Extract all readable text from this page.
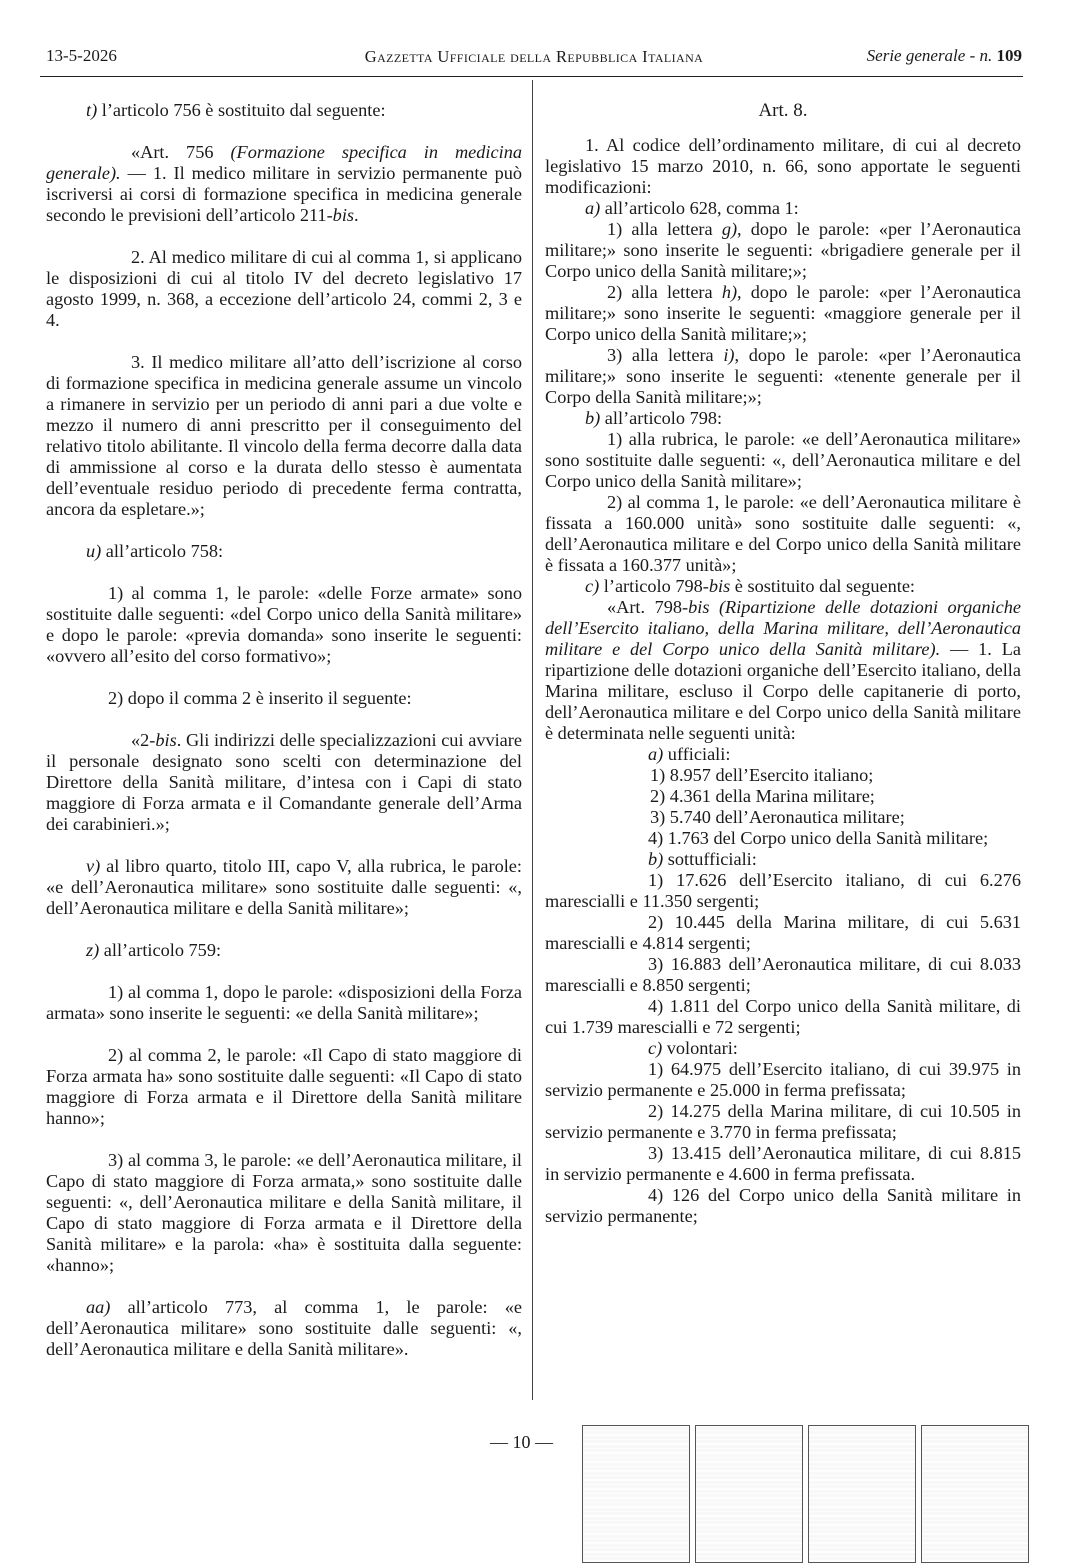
13-5-2026	Gazzetta Ufficiale della Repubblica Italiana	Serie generale - n. 109

t) l’articolo 756 è sostituito dal seguente:

«Art. 756 (Formazione specifica in medicina generale). — 1. Il medico militare in servizio permanente può iscriversi ai corsi di formazione specifica in medicina generale secondo le previsioni dell’articolo 211-bis.

2. Al medico militare di cui al comma 1, si applicano le disposizioni di cui al titolo IV del decreto legislativo 17 agosto 1999, n. 368, a eccezione dell’articolo 24, commi 2, 3 e 4.

3. Il medico militare all’atto dell’iscrizione al corso di formazione specifica in medicina generale assume un vincolo a rimanere in servizio per un periodo di anni pari a due volte e mezzo il numero di anni prescritto per il conseguimento del relativo titolo abilitante. Il vincolo della ferma decorre dalla data di ammissione al corso e la durata dello stesso è aumentata dell’eventuale residuo periodo di precedente ferma contratta, ancora da espletare.»;

u) all’articolo 758:

1) al comma 1, le parole: «delle Forze armate» sono sostituite dalle seguenti: «del Corpo unico della Sanità militare» e dopo le parole: «previa domanda» sono inserite le seguenti: «ovvero all’esito del corso formativo»;

2) dopo il comma 2 è inserito il seguente:

«2-bis. Gli indirizzi delle specializzazioni cui avviare il personale designato sono scelti con determinazione del Direttore della Sanità militare, d’intesa con i Capi di stato maggiore di Forza armata e il Comandante generale dell’Arma dei carabinieri.»;

v) al libro quarto, titolo III, capo V, alla rubrica, le parole: «e dell’Aeronautica militare» sono sostituite dalle seguenti: «, dell’Aeronautica militare e della Sanità militare»;

z) all’articolo 759:

1) al comma 1, dopo le parole: «disposizioni della Forza armata» sono inserite le seguenti: «e della Sanità militare»;

2) al comma 2, le parole: «Il Capo di stato maggiore di Forza armata ha» sono sostituite dalle seguenti: «Il Capo di stato maggiore di Forza armata e il Direttore della Sanità militare hanno»;

3) al comma 3, le parole: «e dell’Aeronautica militare, il Capo di stato maggiore di Forza armata,» sono sostituite dalle seguenti: «, dell’Aeronautica militare e della Sanità militare, il Capo di stato maggiore di Forza armata e il Direttore della Sanità militare» e la parola: «ha» è sostituita dalla seguente: «hanno»;

aa) all’articolo 773, al comma 1, le parole: «e dell’Aeronautica militare» sono sostituite dalle seguenti: «, dell’Aeronautica militare e della Sanità militare».

Art. 8.

1. Al codice dell’ordinamento militare, di cui al decreto legislativo 15 marzo 2010, n. 66, sono apportate le seguenti modificazioni:

a) all’articolo 628, comma 1:

1) alla lettera g), dopo le parole: «per l’Aeronautica militare;» sono inserite le seguenti: «brigadiere generale per il Corpo unico della Sanità militare;»;

2) alla lettera h), dopo le parole: «per l’Aeronautica militare;» sono inserite le seguenti: «maggiore generale per il Corpo unico della Sanità militare;»;

3) alla lettera i), dopo le parole: «per l’Aeronautica militare;» sono inserite le seguenti: «tenente generale per il Corpo della Sanità militare;»;

b) all’articolo 798:

1) alla rubrica, le parole: «e dell’Aeronautica militare» sono sostituite dalle seguenti: «, dell’Aeronautica militare e del Corpo unico della Sanità militare»;

2) al comma 1, le parole: «e dell’Aeronautica militare è fissata a 160.000 unità» sono sostituite dalle seguenti: «, dell’Aeronautica militare e del Corpo unico della Sanità militare è fissata a 160.377 unità»;

c) l’articolo 798-bis è sostituito dal seguente:

«Art. 798-bis (Ripartizione delle dotazioni organiche dell’Esercito italiano, della Marina militare, dell’Aeronautica militare e del Corpo unico della Sanità militare). — 1. La ripartizione delle dotazioni organiche dell’Esercito italiano, della Marina militare, escluso il Corpo delle capitanerie di porto, dell’Aeronautica militare e del Corpo unico della Sanità militare è determinata nelle seguenti unità:

a) ufficiali:

1) 8.957 dell’Esercito italiano;

2) 4.361 della Marina militare;

3) 5.740 dell’Aeronautica militare;

4) 1.763 del Corpo unico della Sanità militare;

b) sottufficiali:

1) 17.626 dell’Esercito italiano, di cui 6.276 marescialli e 11.350 sergenti;

2) 10.445 della Marina militare, di cui 5.631 marescialli e 4.814 sergenti;

3) 16.883 dell’Aeronautica militare, di cui 8.033 marescialli e 8.850 sergenti;

4) 1.811 del Corpo unico della Sanità militare, di cui 1.739 marescialli e 72 sergenti;

c) volontari:

1) 64.975 dell’Esercito italiano, di cui 39.975 in servizio permanente e 25.000 in ferma prefissata;

2) 14.275 della Marina militare, di cui 10.505 in servizio permanente e 3.770 in ferma prefissata;

3) 13.415 dell’Aeronautica militare, di cui 8.815 in servizio permanente e 4.600 in ferma prefissata.

4) 126 del Corpo unico della Sanità militare in servizio permanente;

— 10 —
